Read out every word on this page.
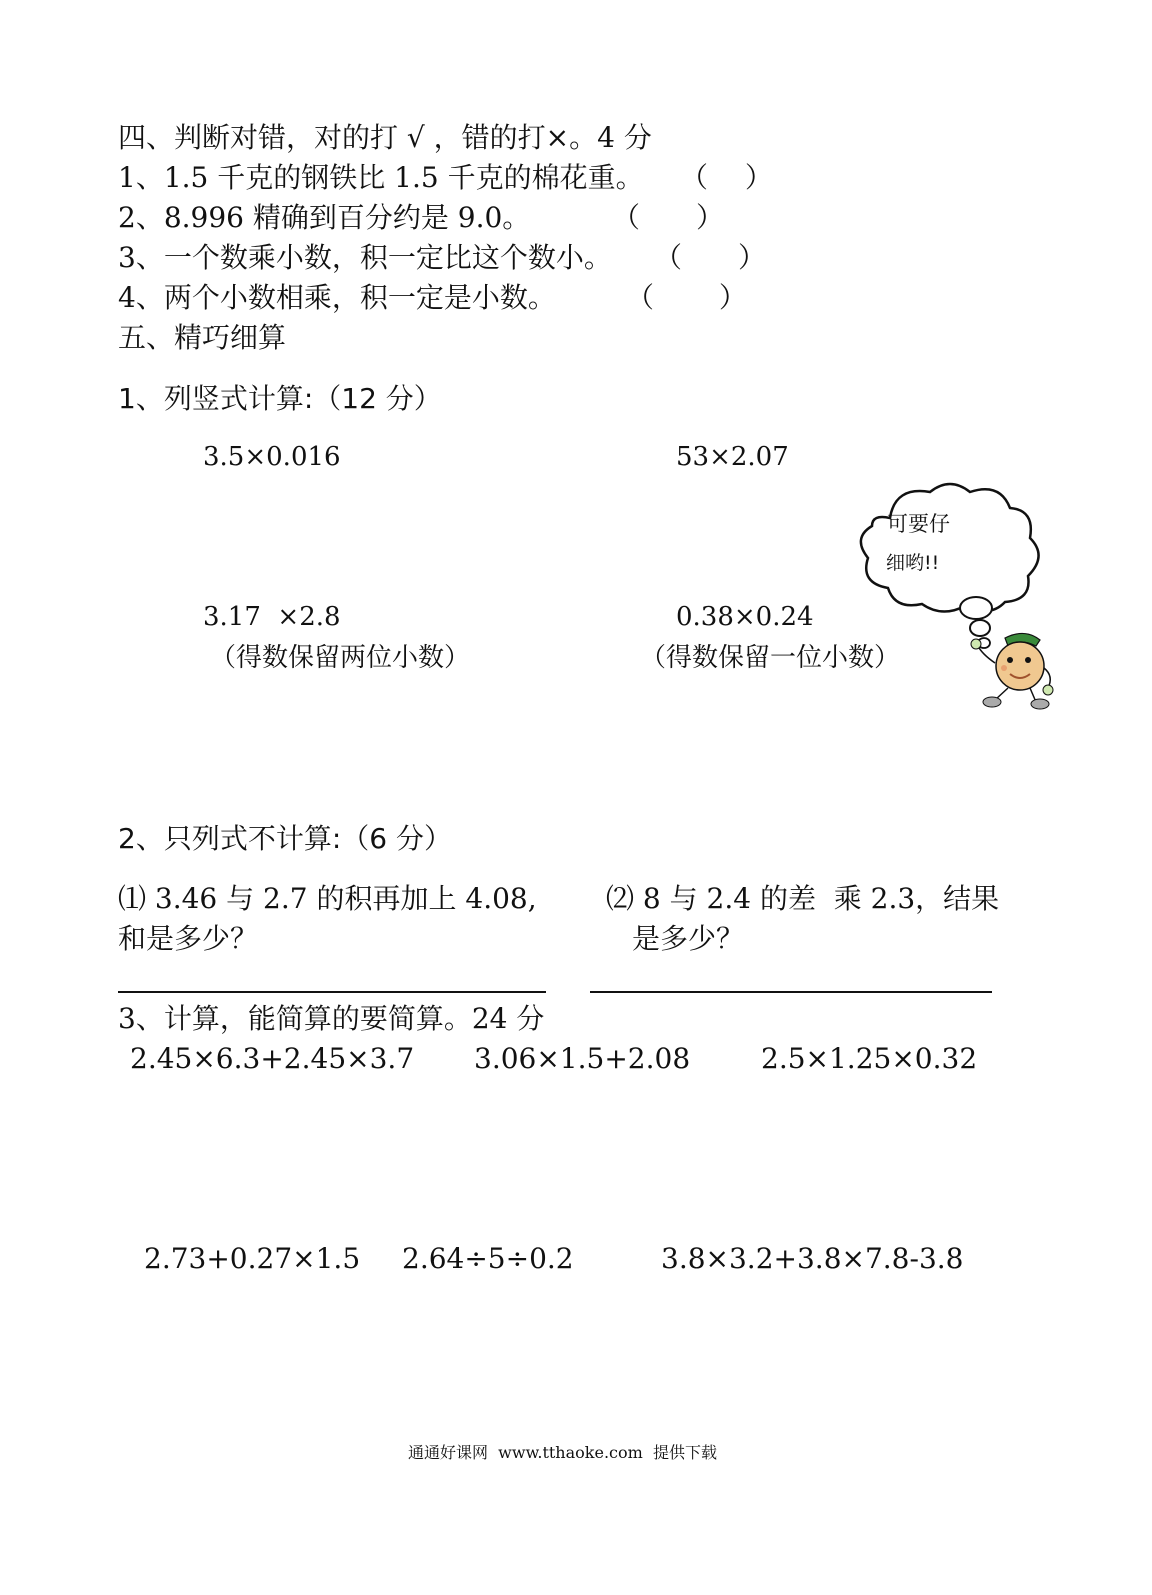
四、判断对错，对的打 √ ，错的打×。4 分
1、1.5 千克的钢铁比 1.5 千克的棉花重。 （　 ）
2、8.996 精确到百分约是 9.0。	（　　）
3、一个数乘小数，积一定比这个数小。 （　　）
4、两个小数相乘，积一定是小数。	（　　 ）
五、精巧细算
1、列竖式计算:（12 分）
3.5×0.016	53×2.07
3.17  ×2.8	0.38×0.24
（得数保留两位小数）	（得数保留一位小数）
可要仔
细哟!!
2、只列式不计算:（6 分）
⑴ 3.46 与 2.7 的积再加上 4.08,
和是多少？
⑵ 8 与 2.4 的差  乘 2.3，结果
是多少？
3、计算，能简算的要简算。24 分
2.45×6.3+2.45×3.7 3.06×1.5+2.08	2.5×1.25×0.32
2.73+0.27×1.5 2.64÷5÷0.2	3.8×3.2+3.8×7.8-3.8
通通好课网  www.tthaoke.com  提供下载
